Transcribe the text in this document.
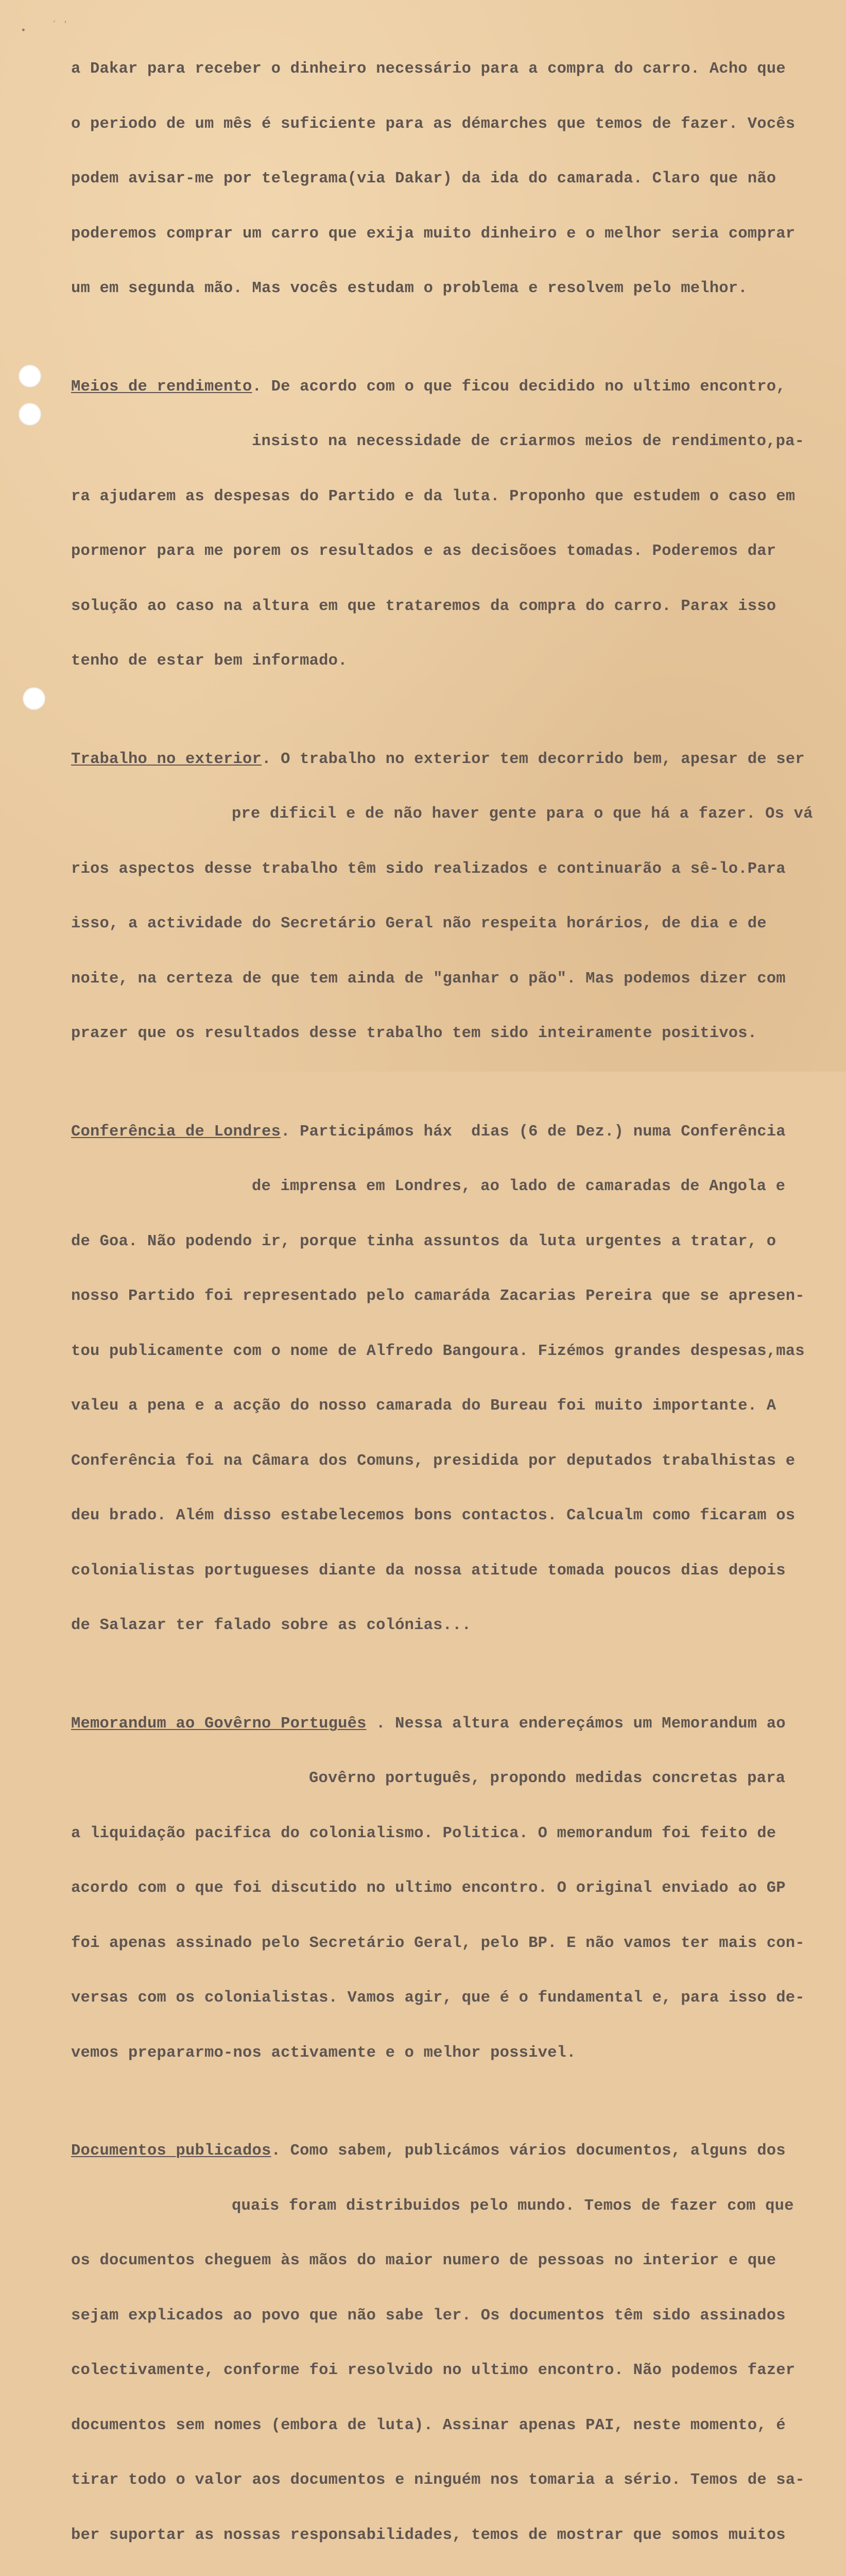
•	ˊ ʼ

a Dakar para receber o dinheiro necessário para a compra do carro. Acho que

o periodo de um mês é suficiente para as démarches que temos de fazer. Vocês

podem avisar-me por telegrama(via Dakar) da ida do camarada. Claro que não

poderemos comprar um carro que exija muito dinheiro e o melhor seria comprar

um em segunda mão. Mas vocês estudam o problema e resolvem pelo melhor.

Meios de rendimento. De acordo com o que ficou decidido no ultimo encontro,

insisto na necessidade de criarmos meios de rendimento,pa-

ra ajudarem as despesas do Partido e da luta. Proponho que estudem o caso em

pormenor para me porem os resultados e as decisõoes tomadas. Poderemos dar

solução ao caso na altura em que trataremos da compra do carro. Parax isso

tenho de estar bem informado.

Trabalho no exterior. O trabalho no exterior tem decorrido bem, apesar de ser

pre dificil e de não haver gente para o que há a fazer. Os vá

rios aspectos desse trabalho têm sido realizados e continuarão a sê-lo.Para

isso, a actividade do Secretário Geral não respeita horários, de dia e de

noite, na certeza de que tem ainda de "ganhar o pão". Mas podemos dizer com

prazer que os resultados desse trabalho tem sido inteiramente positivos.

Conferência de Londres. Participámos háx  dias (6 de Dez.) numa Conferência

de imprensa em Londres, ao lado de camaradas de Angola e

de Goa. Não podendo ir, porque tinha assuntos da luta urgentes a tratar, o

nosso Partido foi representado pelo camaráda Zacarias Pereira que se apresen-

tou publicamente com o nome de Alfredo Bangoura. Fizémos grandes despesas,mas

valeu a pena e a acção do nosso camarada do Bureau foi muito importante. A

Conferência foi na Câmara dos Comuns, presidida por deputados trabalhistas e

deu brado. Além disso estabelecemos bons contactos. Calcualm como ficaram os

colonialistas portugueses diante da nossa atitude tomada poucos dias depois

de Salazar ter falado sobre as colónias...

Memorandum ao Govêrno Português . Nessa altura endereçámos um Memorandum ao

Govêrno português, propondo medidas concretas para

a liquidação pacifica do colonialismo. Politica. O memorandum foi feito de

acordo com o que foi discutido no ultimo encontro. O original enviado ao GP

foi apenas assinado pelo Secretário Geral, pelo BP. E não vamos ter mais con-

versas com os colonialistas. Vamos agir, que é o fundamental e, para isso de-

vemos prepararmo-nos activamente e o melhor possivel.

Documentos publicados. Como sabem, publicámos vários documentos, alguns dos

quais foram distribuidos pelo mundo. Temos de fazer com que

os documentos cheguem às mãos do maior numero de pessoas no interior e que

sejam explicados ao povo que não sabe ler. Os documentos têm sido assinados

colectivamente, conforme foi resolvido no ultimo encontro. Não podemos fazer

documentos sem nomes (embora de luta). Assinar apenas PAI, neste momento, é

tirar todo o valor aos documentos e ninguém nos tomaria a sério. Temos de sa-

ber suportar as nossas responsabilidades, temos de mostrar que somos muitos
